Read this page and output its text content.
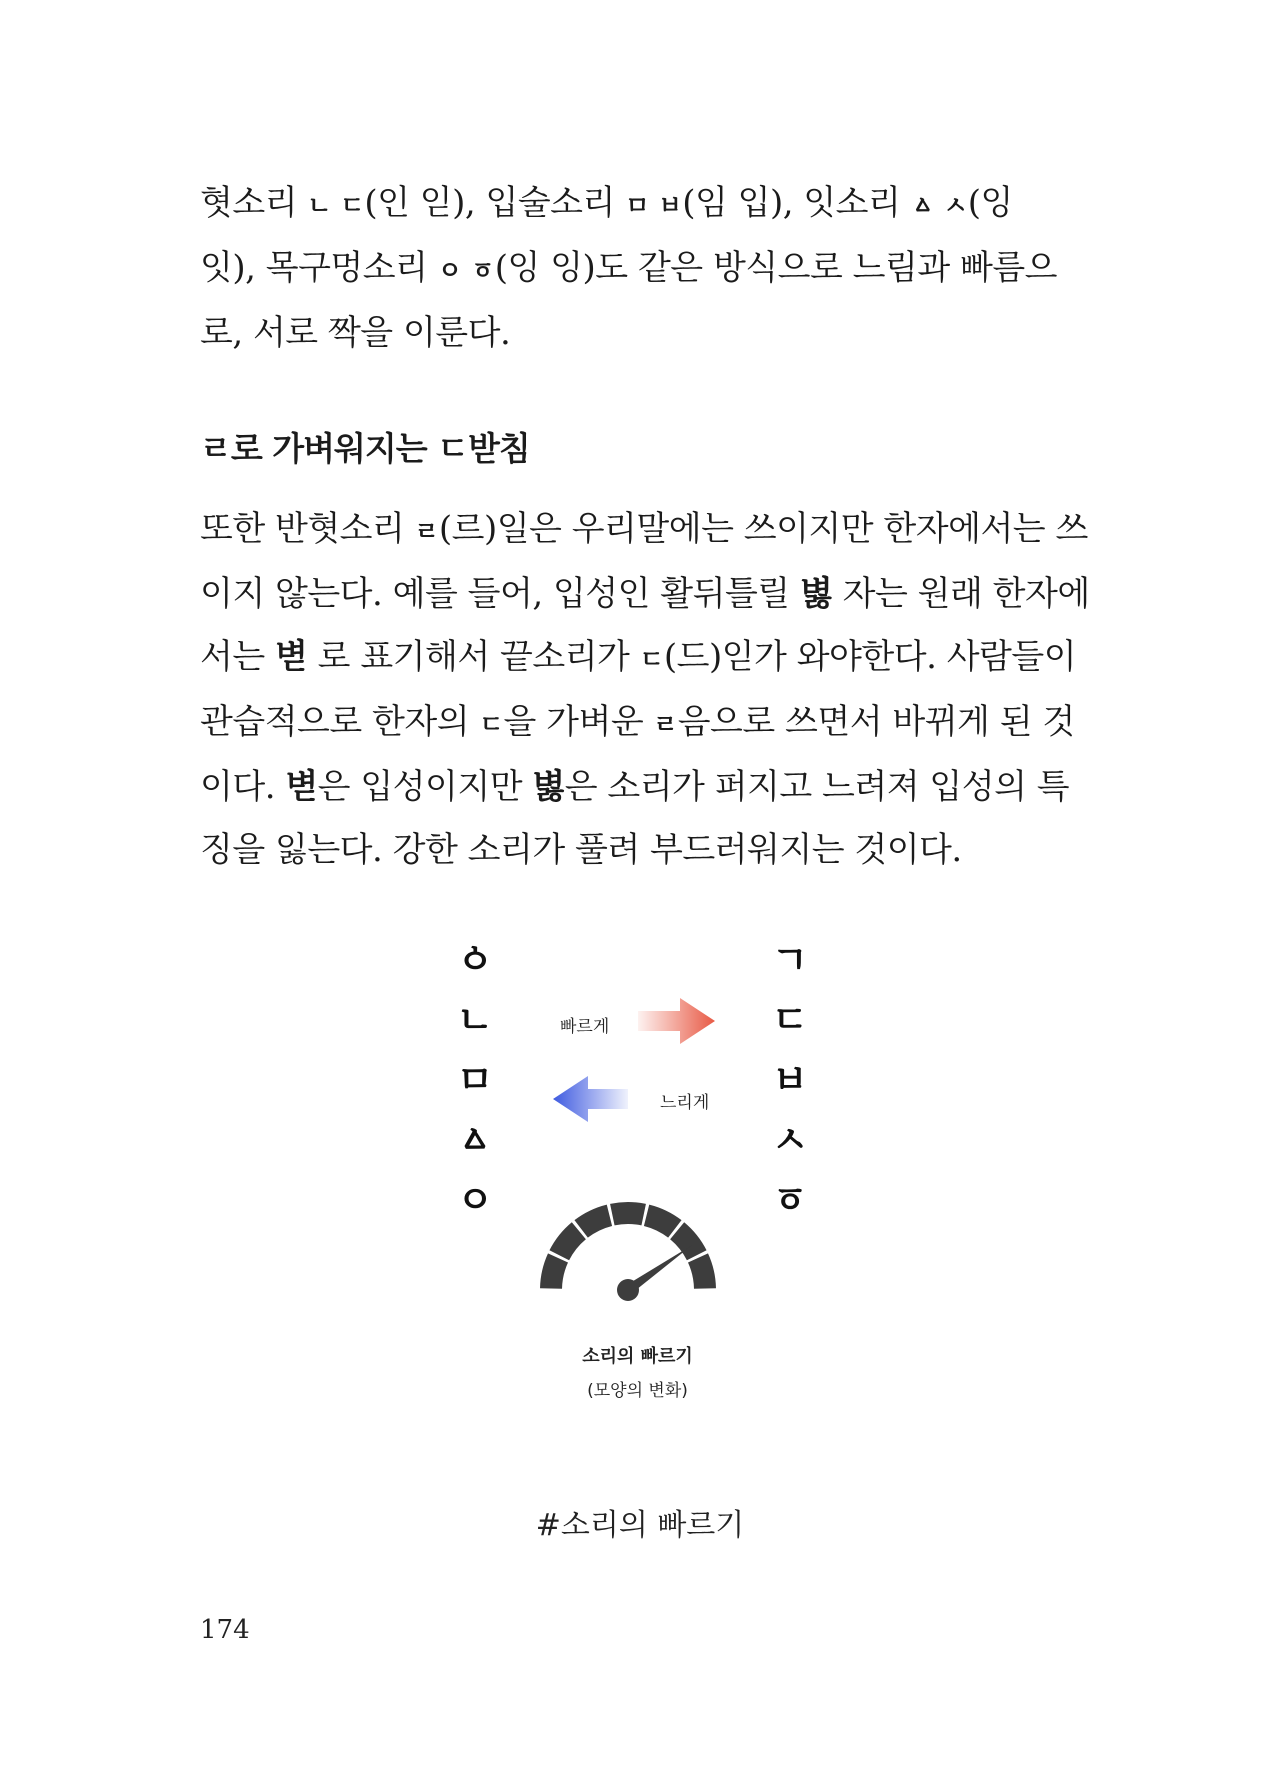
혓소리 ㄴ ㄷ(인 읻), 입술소리 ㅁ ㅂ(임 입), 잇소리 ㅿ ㅅ(잉
잇), 목구멍소리 ㅇ ㆆ(잉 잉)도 같은 방식으로 느림과 빠름으
로, 서로 짝을 이룬다.
ㄹ로 가벼워지는 ㄷ받침
또한 반혓소리 ㄹ(르)일은 우리말에는 쓰이지만 한자에서는 쓰
이지 않는다. 예를 들어, 입성인 활뒤틀릴 볋 자는 원래 한자에
서는 볃 로 표기해서 끝소리가 ㄷ(드)읻가 와야한다. 사람들이
관습적으로 한자의 ㄷ을 가벼운 ㄹ음으로 쓰면서 바뀌게 된 것
이다. 볃은 입성이지만 볋은 소리가 퍼지고 느려져 입성의 특
징을 잃는다. 강한 소리가 풀려 부드러워지는 것이다.
ㆁ
ㄴ
ㅁ
ㅿ
ㅇ
ㄱ
ㄷ
ㅂ
ㅅ
ㆆ
빠르게
느리게
소리의 빠르기
(모양의 변화)
#소리의 빠르기
174
